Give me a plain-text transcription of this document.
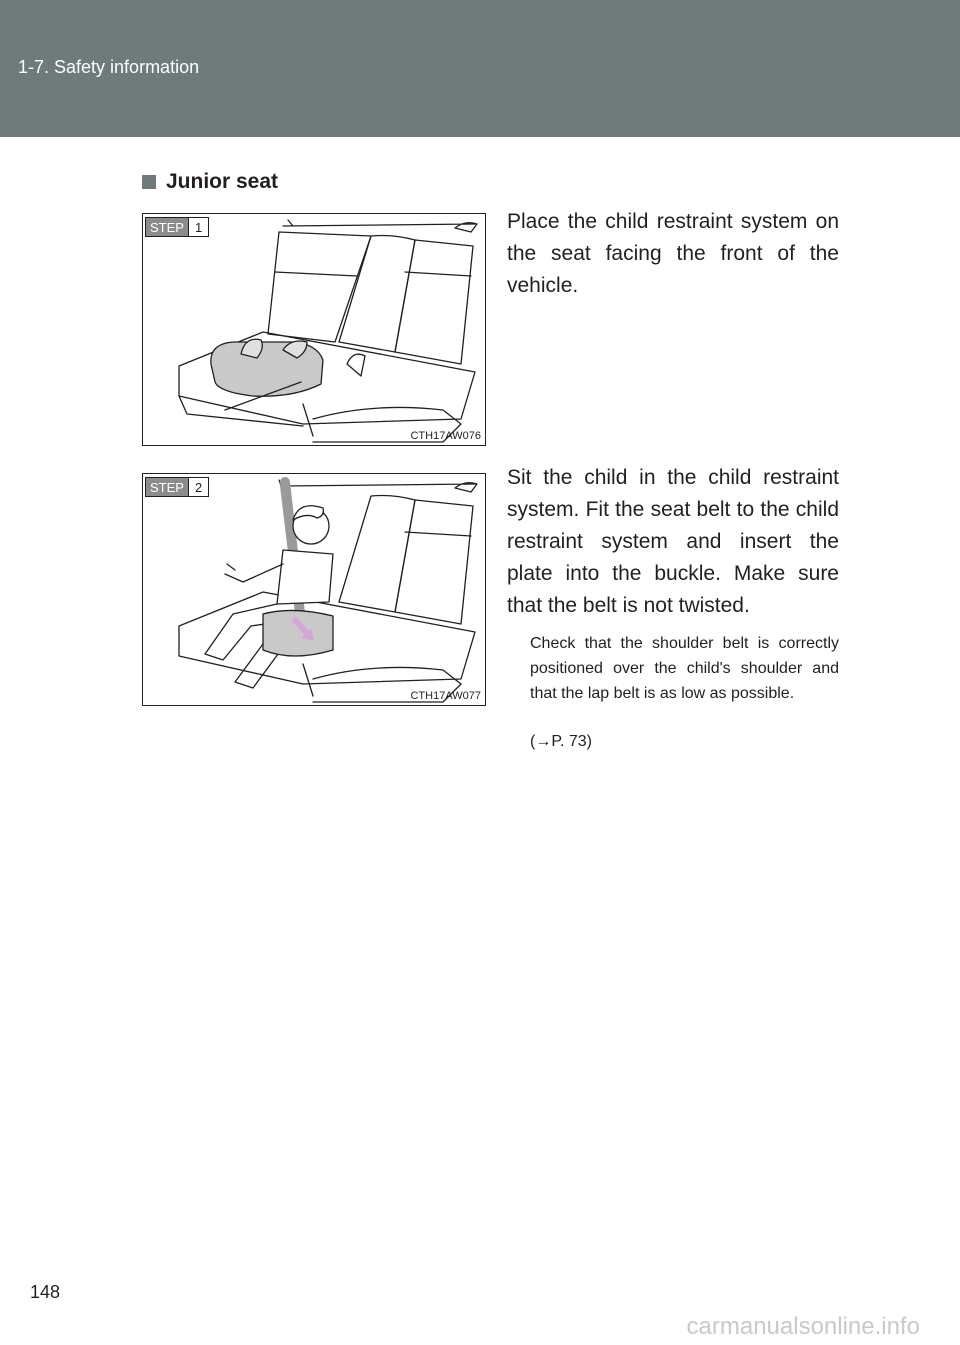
1-7. Safety information
Junior seat
STEP 1
CTH17AW076
Place the child restraint system on the seat facing the front of the vehicle.
STEP 2
CTH17AW077
Sit the child in the child restraint system. Fit the seat belt to the child restraint system and insert the plate into the buckle. Make sure that the belt is not twisted.
Check that the shoulder belt is correctly positioned over the child's shoulder and that the lap belt is as low as possible.
(→P. 73)
148
carmanualsonline.info
